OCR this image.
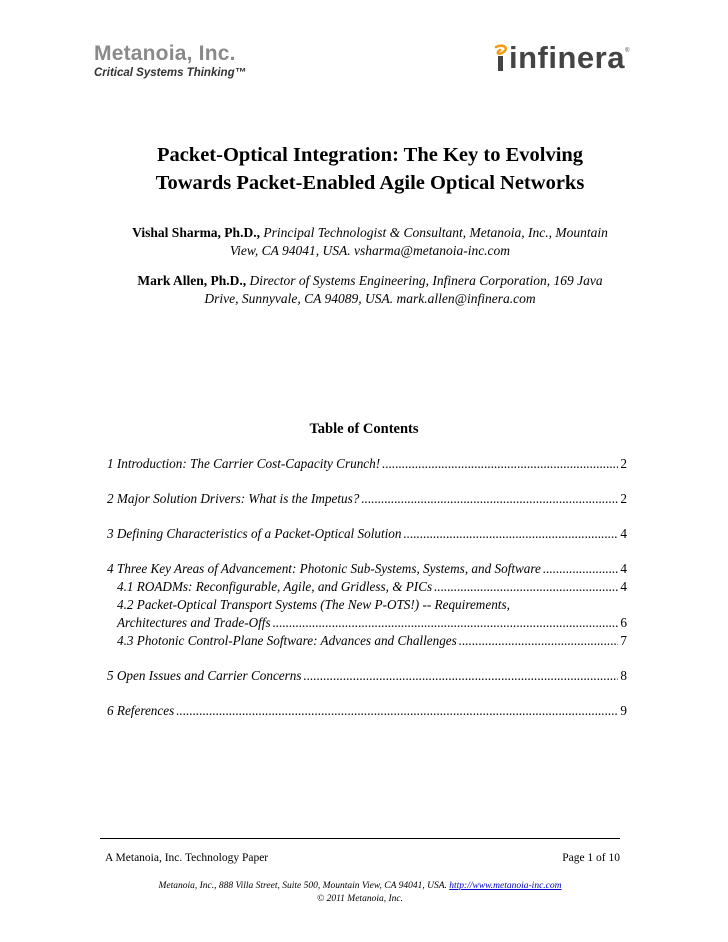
Metanoia, Inc.
Critical Systems Thinking™	infinera ®
Packet-Optical Integration: The Key to Evolving
Towards Packet-Enabled Agile Optical Networks
Vishal Sharma, Ph.D., Principal Technologist & Consultant, Metanoia, Inc., Mountain
View, CA 94041, USA. vsharma@metanoia-inc.com
Mark Allen, Ph.D., Director of Systems Engineering, Infinera Corporation, 169 Java
Drive, Sunnyvale, CA 94089, USA. mark.allen@infinera.com
Table of Contents
1 Introduction: The Carrier Cost-Capacity Crunch! .....	2
2 Major Solution Drivers: What is the Impetus? .....	2
3 Defining Characteristics of a Packet-Optical Solution .....	4
4 Three Key Areas of Advancement: Photonic Sub-Systems, Systems, and Software .....	4
4.1 ROADMs: Reconfigurable, Agile, and Gridless, & PICs .....	4
4.2 Packet-Optical Transport Systems (The New P-OTS!) -- Requirements,
Architectures and Trade-Offs .....	6
4.3 Photonic Control-Plane Software: Advances and Challenges .....	7
5 Open Issues and Carrier Concerns .....	8
6 References .....	9
A Metanoia, Inc. Technology Paper	Page 1 of 10
Metanoia, Inc., 888 Villa Street, Suite 500, Mountain View, CA 94041, USA. http://www.metanoia-inc.com
© 2011 Metanoia, Inc.
